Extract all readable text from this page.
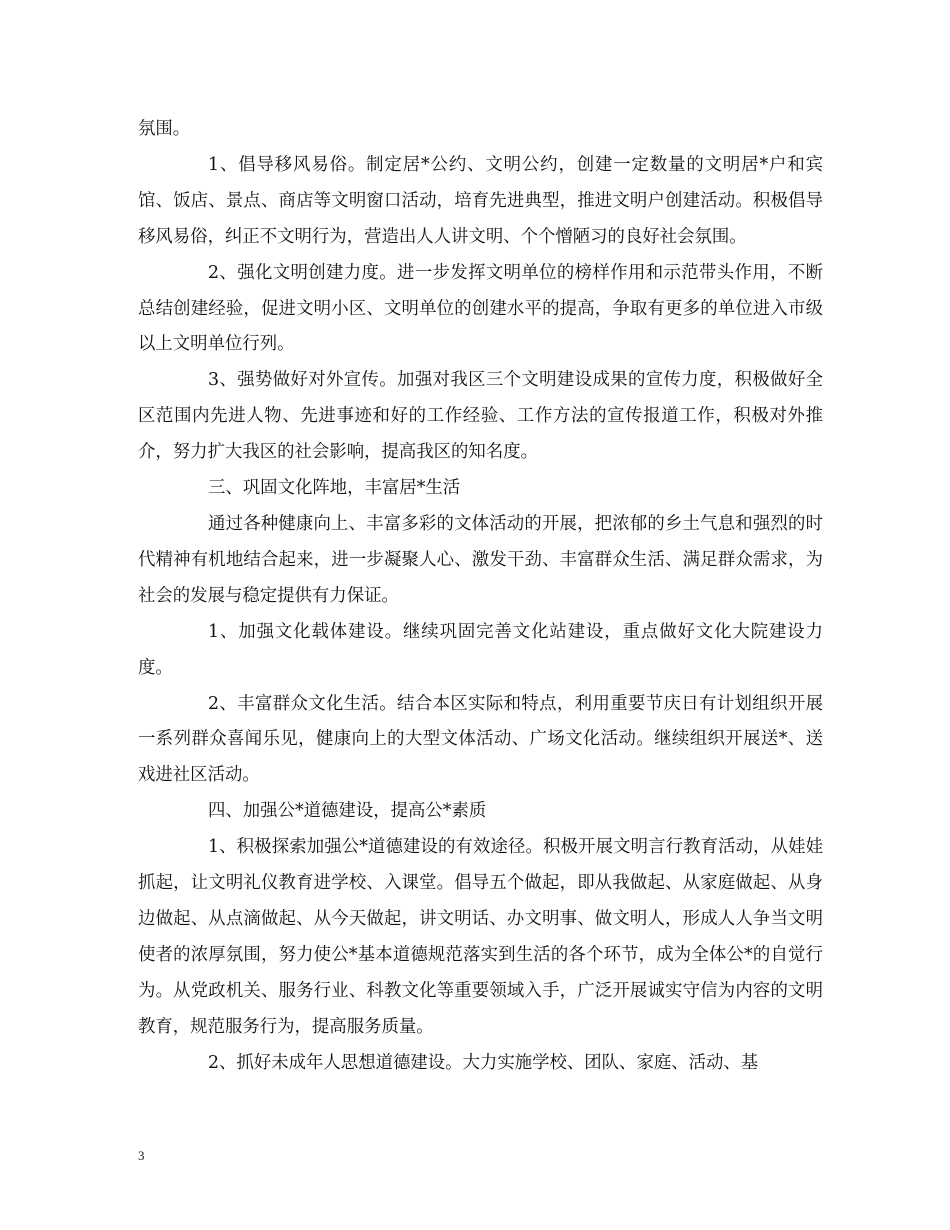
氛围。

1、倡导移风易俗。制定居*公约、文明公约，创建一定数量的文明居*户和宾馆、饭店、景点、商店等文明窗口活动，培育先进典型，推进文明户创建活动。积极倡导移风易俗，纠正不文明行为，营造出人人讲文明、个个憎陋习的良好社会氛围。

2、强化文明创建力度。进一步发挥文明单位的榜样作用和示范带头作用，不断总结创建经验，促进文明小区、文明单位的创建水平的提高，争取有更多的单位进入市级以上文明单位行列。

3、强势做好对外宣传。加强对我区三个文明建设成果的宣传力度，积极做好全区范围内先进人物、先进事迹和好的工作经验、工作方法的宣传报道工作，积极对外推介，努力扩大我区的社会影响，提高我区的知名度。

三、巩固文化阵地，丰富居*生活

通过各种健康向上、丰富多彩的文体活动的开展，把浓郁的乡土气息和强烈的时代精神有机地结合起来，进一步凝聚人心、激发干劲、丰富群众生活、满足群众需求，为社会的发展与稳定提供有力保证。

1、加强文化载体建设。继续巩固完善文化站建设，重点做好文化大院建设力度。

2、丰富群众文化生活。结合本区实际和特点，利用重要节庆日有计划组织开展一系列群众喜闻乐见，健康向上的大型文体活动、广场文化活动。继续组织开展送*、送戏进社区活动。

四、加强公*道德建设，提高公*素质

1、积极探索加强公*道德建设的有效途径。积极开展文明言行教育活动，从娃娃抓起，让文明礼仪教育进学校、入课堂。倡导五个做起，即从我做起、从家庭做起、从身边做起、从点滴做起、从今天做起，讲文明话、办文明事、做文明人，形成人人争当文明使者的浓厚氛围，努力使公*基本道德规范落实到生活的各个环节，成为全体公*的自觉行为。从党政机关、服务行业、科教文化等重要领域入手，广泛开展诚实守信为内容的文明教育，规范服务行为，提高服务质量。

2、抓好未成年人思想道德建设。大力实施学校、团队、家庭、活动、基

3
